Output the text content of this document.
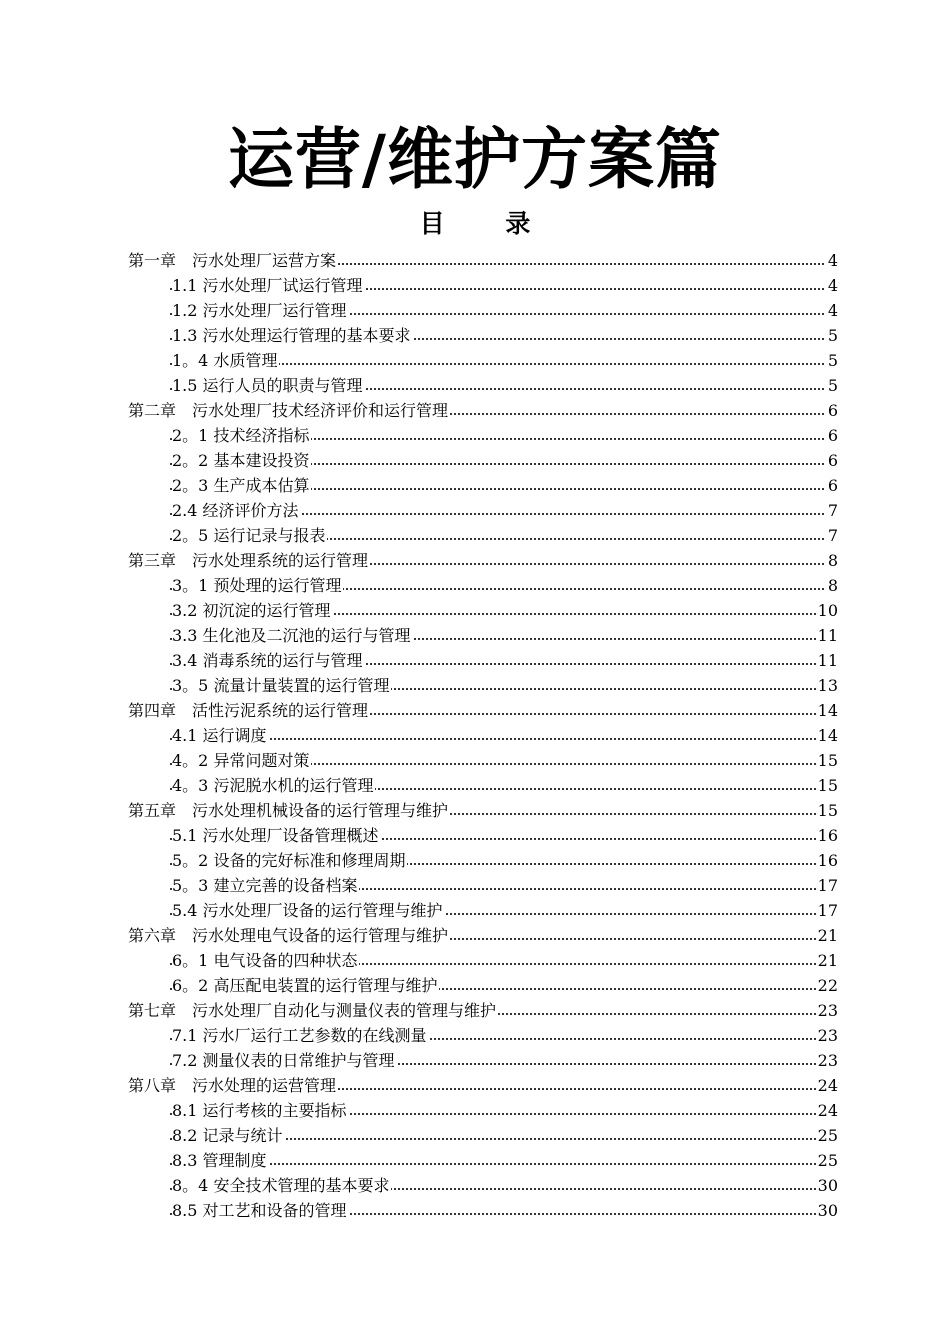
运营/维护方案篇
目 录
第一章　污水处理厂运营方案	4
1.1 污水处理厂试运行管理	4
1.2 污水处理厂运行管理	4
1.3 污水处理运行管理的基本要求	5
1。4 水质管理	5
1.5 运行人员的职责与管理	5
第二章　污水处理厂技术经济评价和运行管理	6
2。1 技术经济指标	6
2。2 基本建设投资	6
2。3 生产成本估算	6
2.4 经济评价方法	7
2。5 运行记录与报表	7
第三章　污水处理系统的运行管理	8
3。1 预处理的运行管理	8
3.2 初沉淀的运行管理	10
3.3 生化池及二沉池的运行与管理	11
3.4 消毒系统的运行与管理	11
3。5 流量计量装置的运行管理	13
第四章　活性污泥系统的运行管理	14
4.1 运行调度	14
4。2 异常问题对策	15
4。3 污泥脱水机的运行管理	15
第五章　污水处理机械设备的运行管理与维护	15
5.1 污水处理厂设备管理概述	16
5。2 设备的完好标准和修理周期	16
5。3 建立完善的设备档案	17
5.4 污水处理厂设备的运行管理与维护	17
第六章　污水处理电气设备的运行管理与维护	21
6。1 电气设备的四种状态	21
6。2 高压配电装置的运行管理与维护	22
第七章　污水处理厂自动化与测量仪表的管理与维护	23
7.1 污水厂运行工艺参数的在线测量	23
7.2 测量仪表的日常维护与管理	23
第八章　污水处理的运营管理	24
8.1 运行考核的主要指标	24
8.2 记录与统计	25
8.3 管理制度	25
8。4 安全技术管理的基本要求	30
8.5 对工艺和设备的管理	30
